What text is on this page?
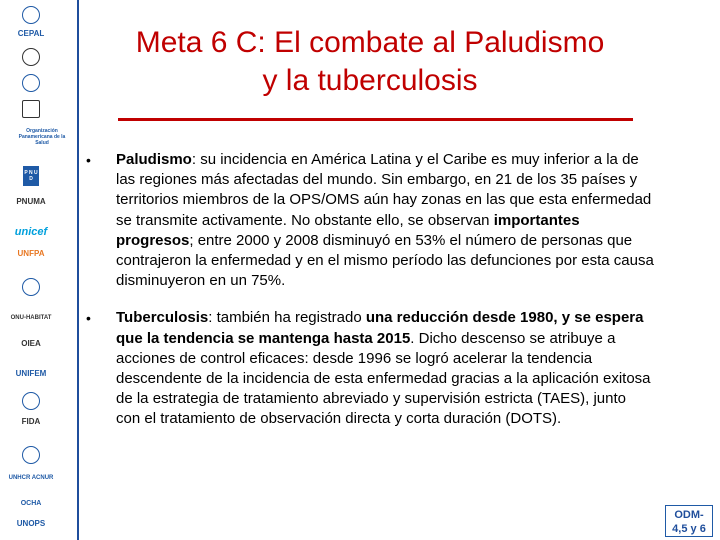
CEPAL
Organización Panamericana de la Salud
P N U D
PNUMA
unicef
UNFPA
ONU-HABITAT
OIEA
UNIFEM
FIDA
UNHCR ACNUR
OCHA
UNOPS
Meta 6 C: El combate al Paludismo
y la tuberculosis
• Paludismo: su incidencia en América Latina y el Caribe es muy inferior a la de las regiones más afectadas del mundo. Sin embargo, en 21 de los 35 países y territorios miembros de la OPS/OMS aún hay zonas en las que esta enfermedad se transmite activamente. No obstante ello, se observan importantes progresos; entre 2000 y 2008 disminuyó en 53% el número de personas que contrajeron la enfermedad y en el mismo período las defunciones por esta causa disminuyeron en un 75%.
• Tuberculosis: también ha registrado una reducción desde 1980, y se espera que la tendencia se mantenga hasta 2015. Dicho descenso se atribuye a acciones de control eficaces: desde 1996 se logró acelerar la tendencia descendente de la incidencia de esta enfermedad gracias a la aplicación exitosa de la estrategia de tratamiento abreviado y supervisión estricta (TAES), junto con el tratamiento de observación directa y corta duración (DOTS).
ODM-
4,5 y 6
